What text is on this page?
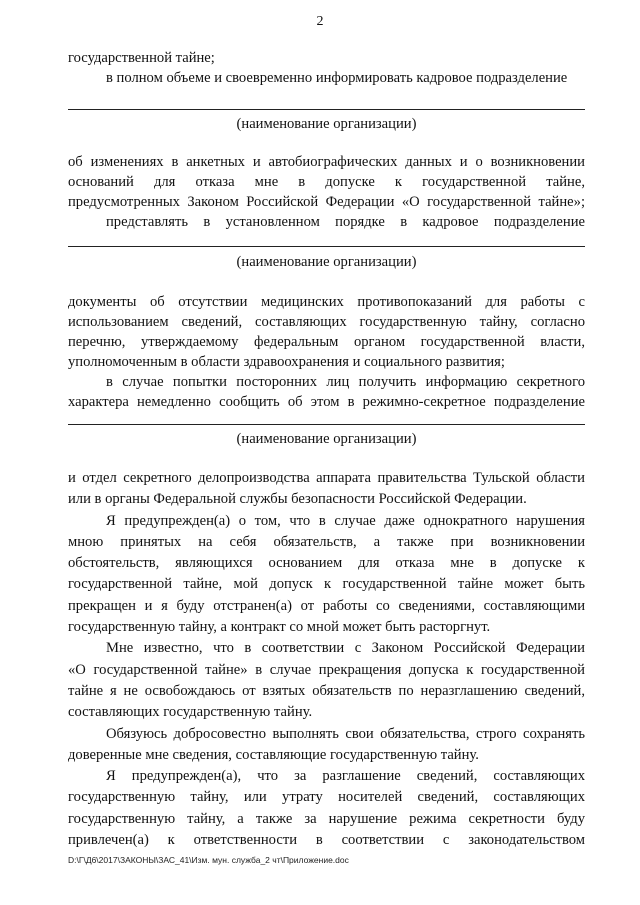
2
государственной тайне;
в полном объеме и своевременно информировать кадровое подразделение
(наименование организации)
об изменениях в анкетных и автобиографических данных и о возникновении
оснований для отказа мне в допуске к государственной тайне,
предусмотренных Законом Российской Федерации «О государственной тайне»;
представлять в установленном порядке в кадровое подразделение
(наименование организации)
документы об отсутствии медицинских противопоказаний для работы с
использованием сведений, составляющих государственную тайну, согласно
перечню, утверждаемому федеральным органом государственной власти,
уполномоченным в области здравоохранения и социального развития;
в случае попытки посторонних лиц получить информацию секретного
характера немедленно сообщить об этом в режимно-секретное подразделение
(наименование организации)
и отдел секретного делопроизводства аппарата правительства Тульской области
или в органы Федеральной службы безопасности Российской Федерации.
Я предупрежден(а) о том, что в случае даже однократного нарушения
мною принятых на себя обязательств, а также при возникновении
обстоятельств, являющихся основанием для отказа мне в допуске к
государственной тайне, мой допуск к государственной тайне может быть
прекращен и я буду отстранен(а) от работы со сведениями, составляющими
государственную тайну, а контракт со мной может быть расторгнут.
Мне известно, что в соответствии с Законом Российской Федерации
«О государственной тайне» в случае прекращения допуска к государственной
тайне я не освобождаюсь от взятых обязательств по неразглашению сведений,
составляющих государственную тайну.
Обязуюсь добросовестно выполнять свои обязательства, строго сохранять
доверенные мне сведения, составляющие государственную тайну.
Я предупрежден(а), что за разглашение сведений, составляющих
государственную тайну, или утрату носителей сведений, составляющих
государственную тайну, а также за нарушение режима секретности буду
привлечен(а) к ответственности в соответствии с законодательством
D:\Г\Д6\2017\ЗАКОНЫ\ЗАС_41\Изм. мун. служба_2 чт\Приложение.doc
